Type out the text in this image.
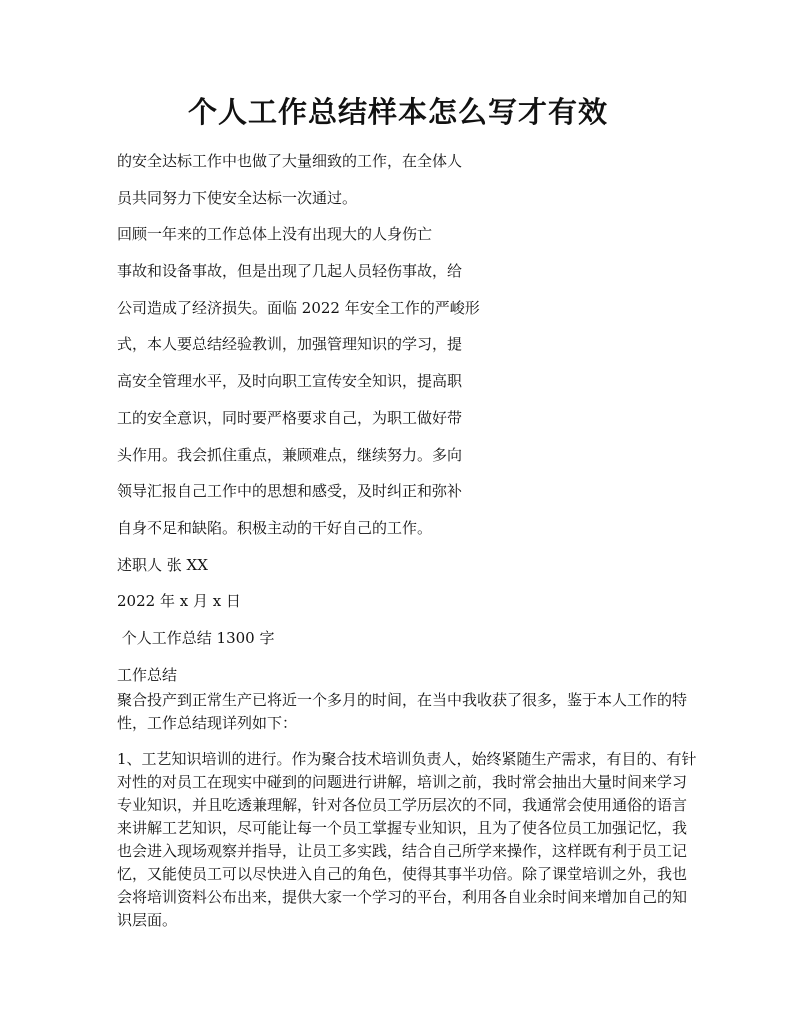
个人工作总结样本怎么写才有效
的安全达标工作中也做了大量细致的工作，在全体人
员共同努力下使安全达标一次通过。
回顾一年来的工作总体上没有出现大的人身伤亡
事故和设备事故，但是出现了几起人员轻伤事故，给
公司造成了经济损失。面临 2022 年安全工作的严峻形
式，本人要总结经验教训，加强管理知识的学习，提
高安全管理水平，及时向职工宣传安全知识，提高职
工的安全意识，同时要严格要求自己，为职工做好带
头作用。我会抓住重点，兼顾难点，继续努力。多向
领导汇报自己工作中的思想和感受，及时纠正和弥补
自身不足和缺陷。积极主动的干好自己的工作。
述职人 张 XX
2022 年 x 月 x 日
个人工作总结 1300 字
工作总结

聚合投产到正常生产已将近一个多月的时间，在当中我收获了很多，鉴于本人工作的特性，工作总结现详列如下：

1、工艺知识培训的进行。作为聚合技术培训负责人，始终紧随生产需求，有目的、有针对性的对员工在现实中碰到的问题进行讲解，培训之前，我时常会抽出大量时间来学习专业知识，并且吃透兼理解，针对各位员工学历层次的不同，我通常会使用通俗的语言来讲解工艺知识，尽可能让每一个员工掌握专业知识，且为了使各位员工加强记忆，我也会进入现场观察并指导，让员工多实践，结合自己所学来操作，这样既有利于员工记忆，又能使员工可以尽快进入自己的角色，使得其事半功倍。除了课堂培训之外，我也会将培训资料公布出来，提供大家一个学习的平台，利用各自业余时间来增加自己的知识层面。
